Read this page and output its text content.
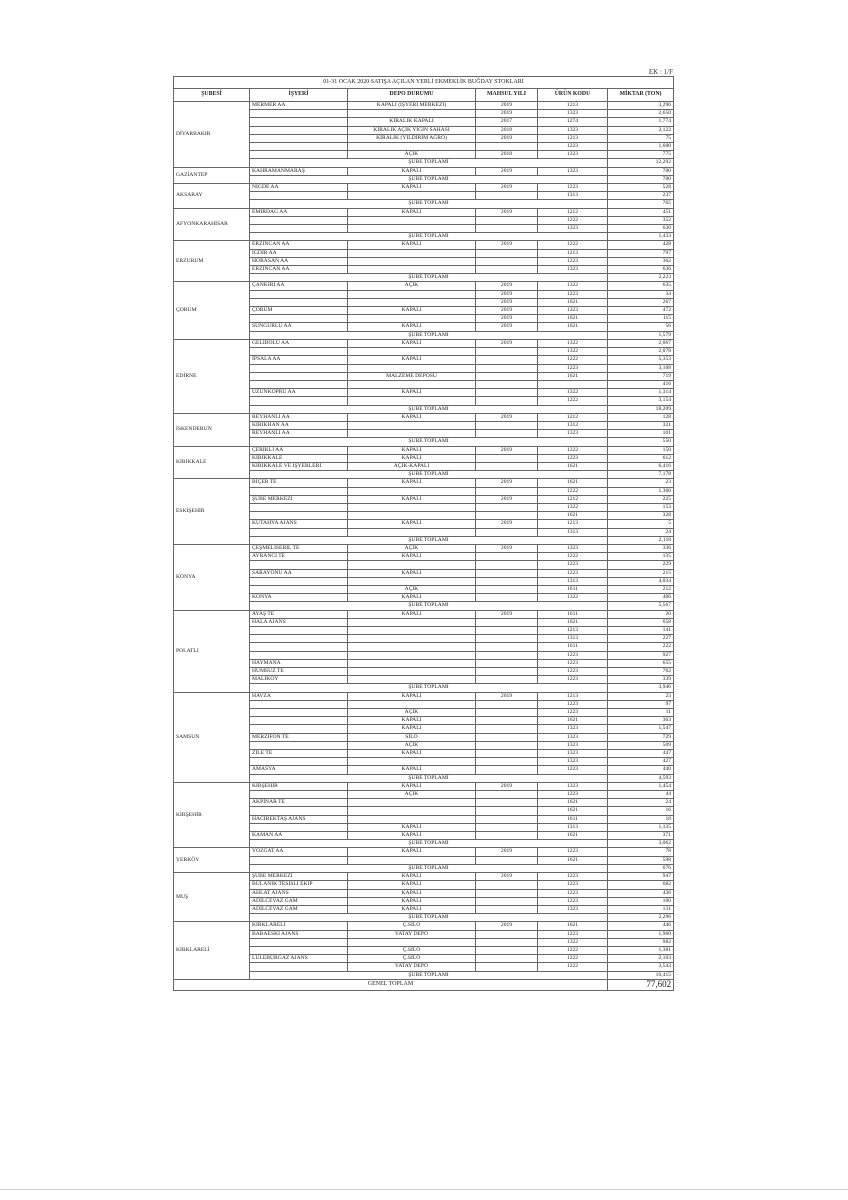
EK : 1/F
01-31 OCAK 2020 SATIŞA AÇILAN YERLİ EKMEKLİK BUĞDAY STOKLARI					
ŞUBESİ	İŞYERİ	DEPO DURUMU	MAHSUL YILI	ÜRÜN KODU	MİKTAR (TON)
DİYARBAKIR	MERMER AA	KAPALI (İŞYERİ MERKEZİ)	2019	1213	3,296
			2019	1323	2,650
		KİRALIK KAPALI	2017	1274	1,774
		KİRALIK AÇIK YIĞIN SAHASI	2018	1323	2,122
		KİRALIK (YILDIRIM AGRO)	2019	1213	75
				1223	1,600
		AÇIK	2018	1323	775
	ŞUBE TOPLAMI				12,292
GAZİANTEP	KAHRAMANMARAŞ	KAPALI	2019	1323	700
	ŞUBE TOPLAMI				700
AKSARAY	NİĞDE AA	KAPALI	2019	1223	528
				1313	237
	ŞUBE TOPLAMI				765
AFYONKARAHİSAR	EMİRDAĞ AA	KAPALI	2019	1212	451
				1222	352
				1323	630
	ŞUBE TOPLAMI				1,433
ERZURUM	ERZİNCAN AA	KAPALI	2019	1222	428
	IĞDIR AA			1213	797
	HORASAN AA			1223	362
	ERZİNCAN AA			1323	636
	ŞUBE TOPLAMI				2,223
ÇORUM	ÇANKIRI AA	AÇIK	2019	1322	635
			2019	1223	34
			2019	1621	267
	ÇORUM	KAPALI	2019	1323	472
			2019	1621	115
	SUNGURLU AA	KAPALI	2019	1621	56
	ŞUBE TOPLAMI				1,579
EDİRNE	GELİBOLU AA	KAPALI	2019	1322	2,067
				1322	2,078
	İPSALA AA	KAPALI		1222	5,353
				1223	3,108
		MALZEME DEPOSU		1621	719
					416
	UZUNKÖPRÜ AA	KAPALI		1322	1,314
				1222	3,154
	ŞUBE TOPLAMI				18,209
İSKENDERUN	REYHANLI AA	KAPALI	2019	1212	128
	KIRIKHAN AA			1312	321
	REYHANLI AA			1323	101
	ŞUBE TOPLAMI				550
KIRIKKALE	ÇERİKLİ AA	KAPALI	2019	1322	150
	KIRIKKALE	KAPALI		1223	612
	KIRIKKALE VE İŞYERLERİ	AÇIK-KAPALI		1621	6,416
	ŞUBE TOPLAMI				7,178
ESKİŞEHİR	BİÇER TE	KAPALI	2019	1621	23
				1222	1,360
	ŞUBE MERKEZİ	KAPALI	2019	1212	225
				1322	153
				1621	328
	KÜTAHYA AJANS	KAPALI	2019	1213	5
				1313	24
	ŞUBE TOPLAMI				2,118
KONYA	ÇEŞMELİSEBİL TE	AÇIK	2019	1323	336
	AYRANCI TE	KAPALI		1222	135
				1223	229
	SARAYÖNÜ AA	KAPALI		1223	215
				1313	4,034
		AÇIK		1611	212
	KONYA	KAPALI		1322	406
	ŞUBE TOPLAMI				5,567
POLATLI	AYAŞ TE	KAPALI	2019	1611	20
	HALA AJANS			1621	658
				1213	141
				1313	227
				1611	222
				1223	927
	HAYMANA			1223	655
	HUMSUZ TE			1223	762
	MALIKÖY			1223	339
	ŞUBE TOPLAMI				3,946
SAMSUN	HAVZA	KAPALI	2019	1213	23
				1223	97
		AÇIK		1223	11
		KAPALI		1621	363
		KAPALI		1323	1,547
	MERZİFON TE	SİLO		1323	729
		AÇIK		1323	509
	ZİLE TE	KAPALI		1323	447
				1323	427
	AMASYA	KAPALI		1223	440
	ŞUBE TOPLAMI				4,593
KIRŞEHİR	KIRŞEHİR	KAPALI	2019	1323	1,454
		AÇIK		1223	44
	AKPINAR TE			1621	24
				1621	16
	HACIBEKTAŞ AJANS			1611	18
		KAPALI		1313	1,135
	KAMAN AA	KAPALI		1621	371
	ŞUBE TOPLAMI				3,062
YERKÖY	YOZGAT AA	KAPALI	2019	1223	78
				1621	598
	ŞUBE TOPLAMI				676
MUŞ	ŞUBE MERKEZİ	KAPALI	2019	1223	947
	BULANIK TESİSLİ EKİP	KAPALI		1223	682
	AHLAT AJANS	KAPALI		1223	436
	ADİLCEVAZ GAM	KAPALI		1223	100
	ADİLCEVAZ GAM	KAPALI		1323	131
	ŞUBE TOPLAMI				2,296
KIRKLARELİ	KIRKLARELİ	Ç.SİLO	2019	1621	446
	BABAESKİ AJANS	YATAY DEPO		1223	1,960
				1322	982
		Ç.SİLO		1222	1,381
	LÜLEBURGAZ AJANS	Ç.SİLO		1222	2,103
		YATAY DEPO		1222	3,543
	ŞUBE TOPLAMI				10,415
GENEL TOPLAM					77,602
